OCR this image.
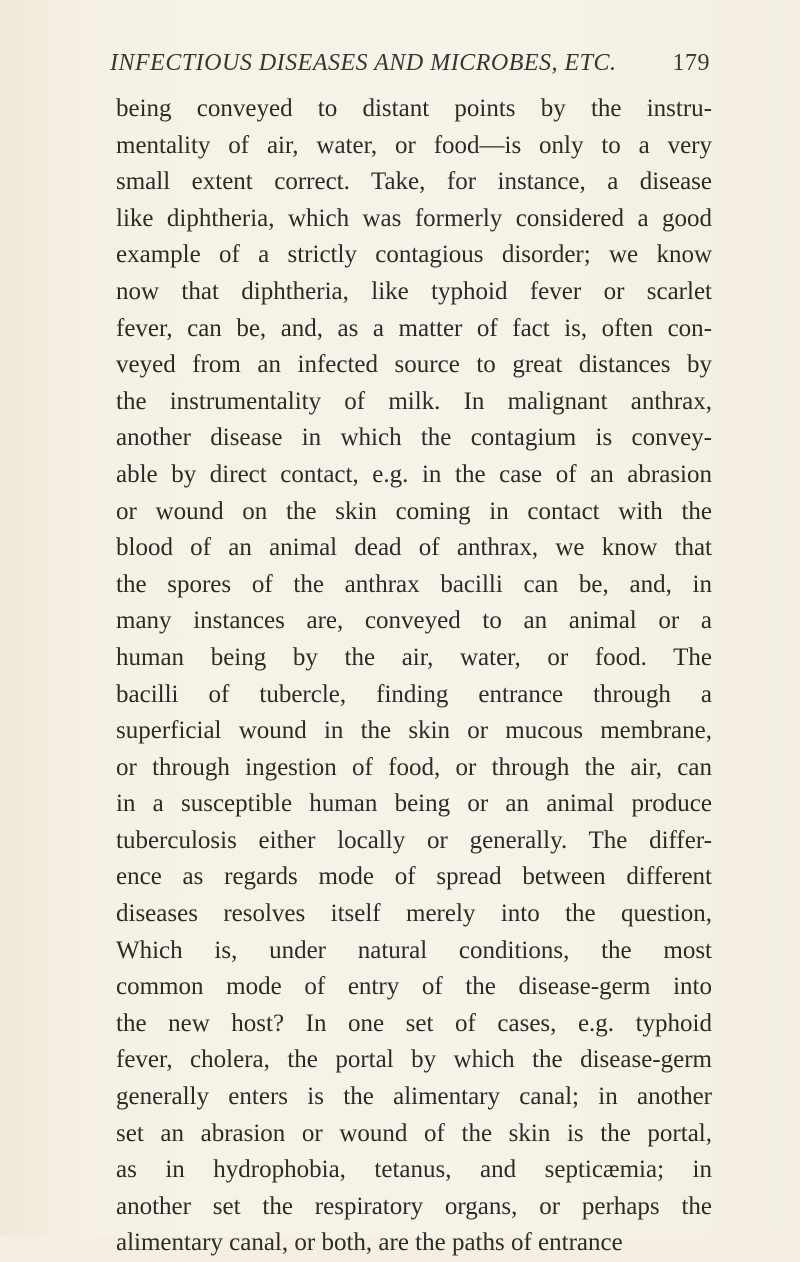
INFECTIOUS DISEASES AND MICROBES, ETC. 179
being conveyed to distant points by the instru-
mentality of air, water, or food—is only to a very
small extent correct. Take, for instance, a disease
like diphtheria, which was formerly considered a good
example of a strictly contagious disorder; we know
now that diphtheria, like typhoid fever or scarlet
fever, can be, and, as a matter of fact is, often con-
veyed from an infected source to great distances by
the instrumentality of milk. In malignant anthrax,
another disease in which the contagium is convey-
able by direct contact, e.g. in the case of an abrasion
or wound on the skin coming in contact with the
blood of an animal dead of anthrax, we know that
the spores of the anthrax bacilli can be, and, in
many instances are, conveyed to an animal or a
human being by the air, water, or food. The
bacilli of tubercle, finding entrance through a
superficial wound in the skin or mucous membrane,
or through ingestion of food, or through the air, can
in a susceptible human being or an animal produce
tuberculosis either locally or generally. The differ-
ence as regards mode of spread between different
diseases resolves itself merely into the question,
Which is, under natural conditions, the most
common mode of entry of the disease-germ into
the new host? In one set of cases, e.g. typhoid
fever, cholera, the portal by which the disease-germ
generally enters is the alimentary canal; in another
set an abrasion or wound of the skin is the portal,
as in hydrophobia, tetanus, and septicæmia; in
another set the respiratory organs, or perhaps the
alimentary canal, or both, are the paths of entrance
